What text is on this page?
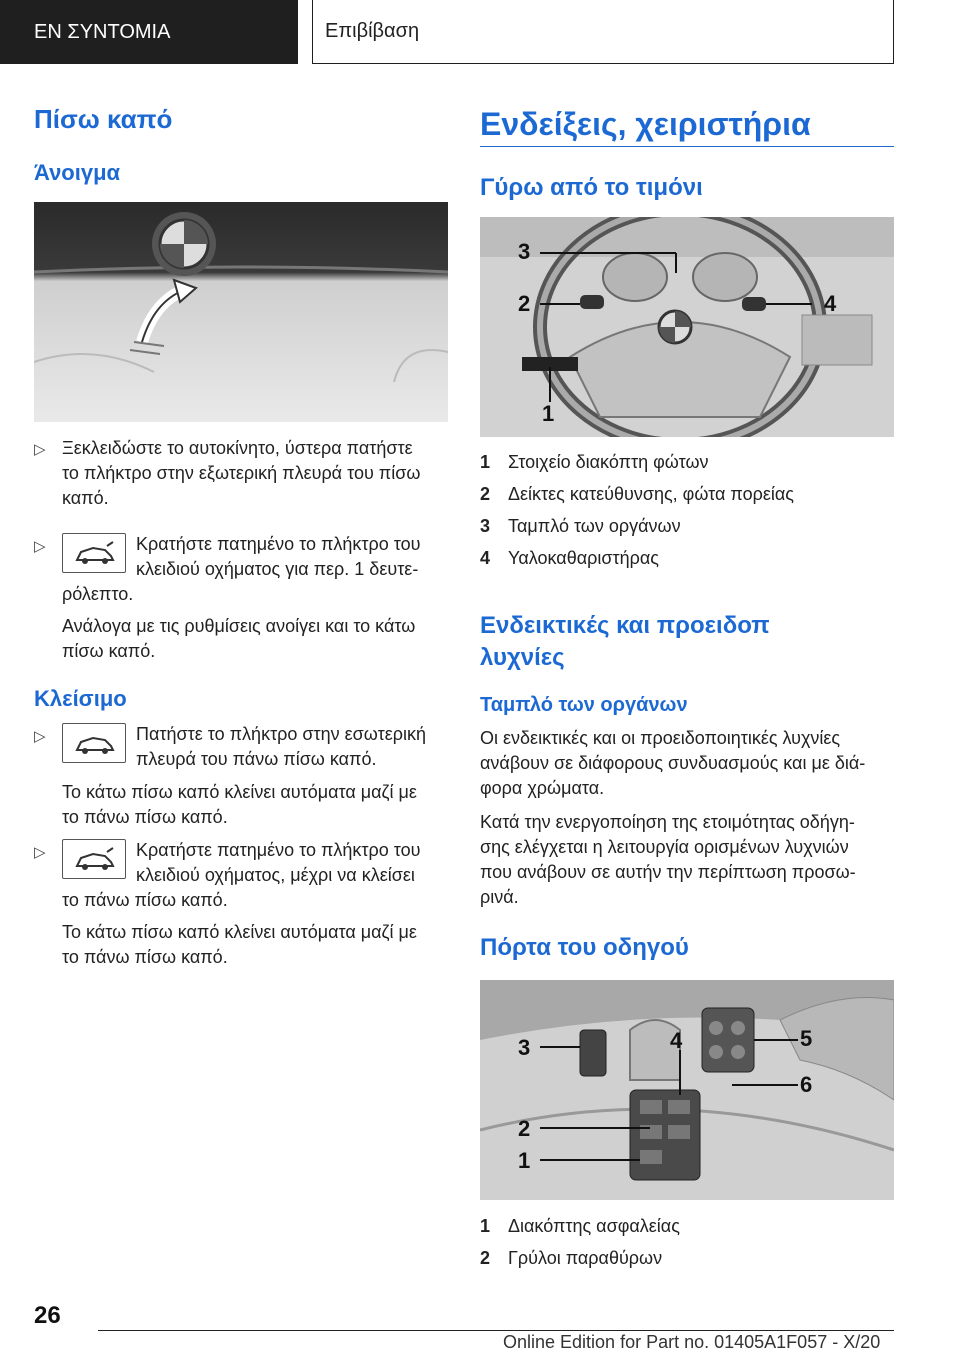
ΕΝ ΣΥΝΤΟΜΙΑ	Επιβίβαση
Πίσω καπό
Άνοιγμα
▷ Ξεκλειδώστε το αυτοκίνητο, ύστερα πατήστε
το πλήκτρο στην εξωτερική πλευρά του πίσω
καπό.
▷	Κρατήστε πατημένο το πλήκτρο του
κλειδιού οχήματος για περ. 1 δευτε-
ρόλεπτο.
Ανάλογα με τις ρυθμίσεις ανοίγει και το κάτω
πίσω καπό.
Κλείσιμο
▷	Πατήστε το πλήκτρο στην εσωτερική
πλευρά του πάνω πίσω καπό.
Το κάτω πίσω καπό κλείνει αυτόματα μαζί με
το πάνω πίσω καπό.
▷	Κρατήστε πατημένο το πλήκτρο του
κλειδιού οχήματος, μέχρι να κλείσει
το πάνω πίσω καπό.
Το κάτω πίσω καπό κλείνει αυτόματα μαζί με
το πάνω πίσω καπό.
Ενδείξεις, χειριστήρια
Γύρω από το τιμόνι
3
2	4
1
1 Στοιχείο διακόπτη φώτων
2 Δείκτες κατεύθυνσης, φώτα πορείας
3 Ταμπλό των οργάνων
4 Υαλοκαθαριστήρας
Ενδεικτικές και προειδοπ
λυχνίες
Ταμπλό των οργάνων
Οι ενδεικτικές και οι προειδοποιητικές λυχνίες
ανάβουν σε διάφορους συνδυασμούς και με διά-
φορα χρώματα.
Κατά την ενεργοποίηση της ετοιμότητας οδήγη-
σης ελέγχεται η λειτουργία ορισμένων λυχνιών
που ανάβουν σε αυτήν την περίπτωση προσω-
ρινά.
Πόρτα του οδηγού
3	4	5
6
2
1
1 Διακόπτης ασφαλείας
2 Γρύλοι παραθύρων
26
Online Edition for Part no. 01405A1F057 - X/20
